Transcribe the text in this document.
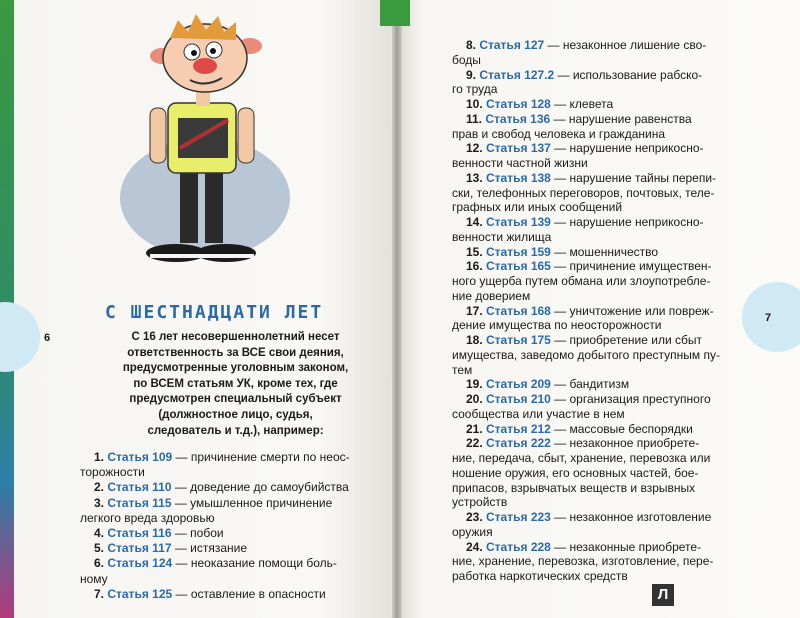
6
7
С ШЕСТНАДЦАТИ ЛЕТ
С 16 лет несовершеннолетний несет
ответственность за ВСЕ свои деяния,
предусмотренные уголовным законом,
по ВСЕМ статьям УК, кроме тех, где
предусмотрен специальный субъект
(должностное лицо, судья,
следователь и т.д.), например:
1. Статья 109 — причинение смерти по неос-
торожности
2. Статья 110 — доведение до самоубийства
3. Статья 115 — умышленное причинение
легкого вреда здоровью
4. Статья 116 — побои
5. Статья 117 — истязание
6. Статья 124 — неоказание помощи боль-
ному
7. Статья 125 — оставление в опасности
8. Статья 127 — незаконное лишение сво-
боды
9. Статья 127.2 — использование рабско-
го труда
10. Статья 128 — клевета
11. Статья 136 — нарушение равенства
прав и свобод человека и гражданина
12. Статья 137 — нарушение неприкосно-
венности частной жизни
13. Статья 138 — нарушение тайны перепи-
ски, телефонных переговоров, почтовых, теле-
графных или иных сообщений
14. Статья 139 — нарушение неприкосно-
венности жилища
15. Статья 159 — мошенничество
16. Статья 165 — причинение имуществен-
ного ущерба путем обмана или злоупотребле-
ние доверием
17. Статья 168 — уничтожение или повреж-
дение имущества по неосторожности
18. Статья 175 — приобретение или сбыт
имущества, заведомо добытого преступным пу-
тем
19. Статья 209 — бандитизм
20. Статья 210 — организация преступного
сообщества или участие в нем
21. Статья 212 — массовые беспорядки
22. Статья 222 — незаконное приобрете-
ние, передача, сбыт, хранение, перевозка или
ношение оружия, его основных частей, боe-
припасов, взрывчатых веществ и взрывных
устройств
23. Статья 223 — незаконное изготовление
оружия
24. Статья 228 — незаконные приобрете-
ние, хранение, перевозка, изготовление, пере-
работка наркотических средств
Л
